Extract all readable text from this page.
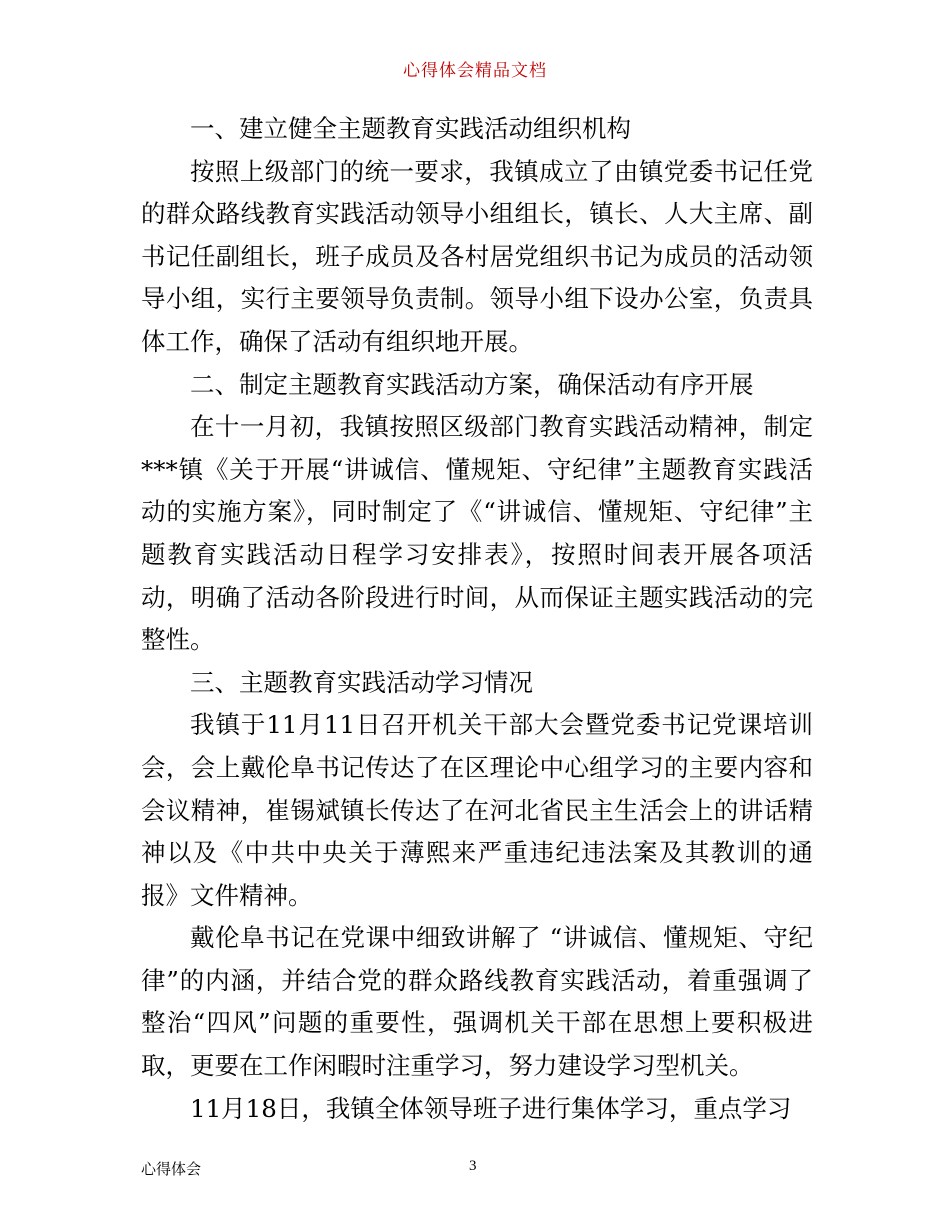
心得体会精品文档

一、建立健全主题教育实践活动组织机构

按照上级部门的统一要求，我镇成立了由镇党委书记任党的群众路线教育实践活动领导小组组长，镇长、人大主席、副书记任副组长，班子成员及各村居党组织书记为成员的活动领导小组，实行主要领导负责制。领导小组下设办公室，负责具体工作，确保了活动有组织地开展。

二、制定主题教育实践活动方案，确保活动有序开展

在十一月初，我镇按照区级部门教育实践活动精神，制定***镇《关于开展“讲诚信、懂规矩、守纪律”主题教育实践活动的实施方案》，同时制定了《“讲诚信、懂规矩、守纪律”主题教育实践活动日程学习安排表》，按照时间表开展各项活动，明确了活动各阶段进行时间，从而保证主题实践活动的完整性。

三、主题教育实践活动学习情况

我镇于11月11日召开机关干部大会暨党委书记党课培训会，会上戴伦阜书记传达了在区理论中心组学习的主要内容和会议精神，崔锡斌镇长传达了在河北省民主生活会上的讲话精神以及《中共中央关于薄熙来严重违纪违法案及其教训的通报》文件精神。

戴伦阜书记在党课中细致讲解了 “讲诚信、懂规矩、守纪律”的内涵，并结合党的群众路线教育实践活动，着重强调了整治“四风”问题的重要性，强调机关干部在思想上要积极进取，更要在工作闲暇时注重学习，努力建设学习型机关。

11月18日，我镇全体领导班子进行集体学习，重点学习

心得体会	3
